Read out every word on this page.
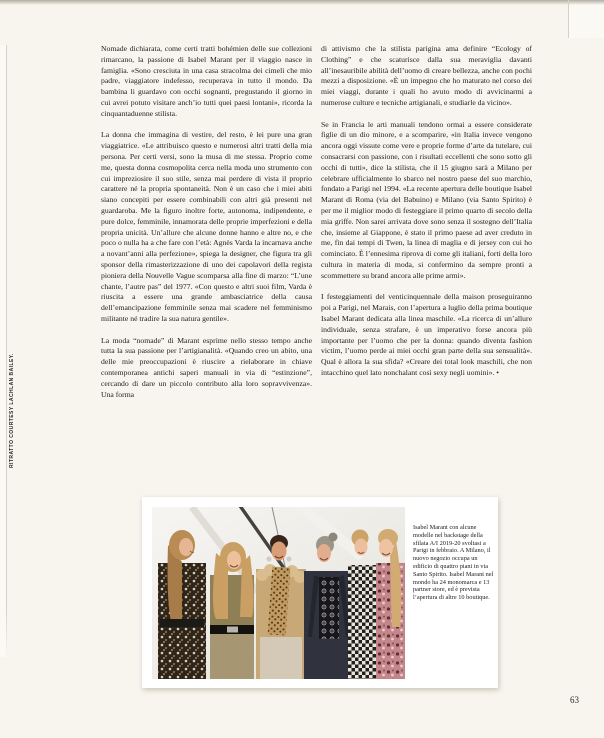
RITRATTO COURTESY LACHLAN BAILEY.

Nomade dichiarata, come certi tratti bohémien delle sue collezioni rimarcano, la passione di Isabel Marant per il viaggio nasce in famiglia. «Sono cresciuta in una casa stracolma dei cimeli che mio padre, viaggiatore indefesso, recuperava in tutto il mondo. Da bambina li guardavo con occhi sognanti, pregustando il giorno in cui avrei potuto visitare anch’io tutti quei paesi lontani», ricorda la cinquantaduenne stilista.

La donna che immagina di vestire, del resto, è lei pure una gran viaggiatrice. «Le attribuisco questo e numerosi altri tratti della mia persona. Per certi versi, sono la musa di me stessa. Proprio come me, questa donna cosmopolita cerca nella moda uno strumento con cui impreziosire il suo stile, senza mai perdere di vista il proprio carattere né la propria spontaneità. Non è un caso che i miei abiti siano concepiti per essere combinabili con altri già presenti nel guardaroba. Me la figuro inoltre forte, autonoma, indipendente, e pure dolce, femminile, innamorata delle proprie imperfezioni e della propria unicità. Un’allure che alcune donne hanno e altre no, e che poco o nulla ha a che fare con l’età: Agnès Varda la incarnava anche a novant’anni alla perfezione», spiega la designer, che figura tra gli sponsor della rimasterizzazione di uno dei capolavori della regista pioniera della Nouvelle Vague scomparsa alla fine di marzo: “L’une chante, l’autre pas” del 1977. «Con questo e altri suoi film, Varda è riuscita a essere una grande ambasciatrice della causa dell’emancipazione femminile senza mai scadere nel femminismo militante né tradire la sua natura gentile».

La moda “nomade” di Marant esprime nello stesso tempo anche tutta la sua passione per l’artigianalità. «Quando creo un abito, una delle mie preoccupazioni è riuscire a rielaborare in chiave contemporanea antichi saperi manuali in via di “estinzione”, cercando di dare un piccolo contributo alla loro sopravvivenza». Una forma

di attivismo che la stilista parigina ama definire “Ecology of Clothing” e che scaturisce dalla sua meraviglia davanti all’inesauribile abilità dell’uomo di creare bellezza, anche con pochi mezzi a disposizione. «È un impegno che ho maturato nel corso dei miei viaggi, durante i quali ho avuto modo di avvicinarmi a numerose culture e tecniche artigianali, e studiarle da vicino».

Se in Francia le arti manuali tendono ormai a essere considerate figlie di un dio minore, e a scomparire, «in Italia invece vengono ancora oggi vissute come vere e proprie forme d’arte da tutelare, cui consacrarsi con passione, con i risultati eccellenti che sono sotto gli occhi di tutti», dice la stilista, che il 15 giugno sarà a Milano per celebrare ufficialmente lo sbarco nel nostro paese del suo marchio, fondato a Parigi nel 1994. «La recente apertura delle boutique Isabel Marant di Roma (via del Babuino) e Milano (via Santo Spirito) è per me il miglior modo di festeggiare il primo quarto di secolo della mia griffe. Non sarei arrivata dove sono senza il sostegno dell’Italia che, insieme al Giappone, è stato il primo paese ad aver creduto in me, fin dai tempi di Twen, la linea di maglia e di jersey con cui ho cominciato. È l’ennesima riprova di come gli italiani, forti della loro cultura in materia di moda, si confermino da sempre pronti a scommettere su brand ancora alle prime armi».

I festeggiamenti del venticinquennale della maison proseguiranno poi a Parigi, nel Marais, con l’apertura a luglio della prima boutique Isabel Marant dedicata alla linea maschile. «La ricerca di un’allure individuale, senza strafare, è un imperativo forse ancora più importante per l’uomo che per la donna: quando diventa fashion victim, l’uomo perde ai miei occhi gran parte della sua sensualità». Qual è allora la sua sfida? «Creare dei total look maschili, che non intacchino quel lato nonchalant così sexy negli uomini». •

Isabel Marant con alcune modelle nel backstage della sfilata A/I 2019-20 svoltasi a Parigi in febbraio. A Milano, il nuovo negozio occupa un edificio di quattro piani in via Santo Spirito. Isabel Marant nel mondo ha 24 monomarca e 13 partner store, ed è prevista l’apertura di altre 10 boutique.
63
